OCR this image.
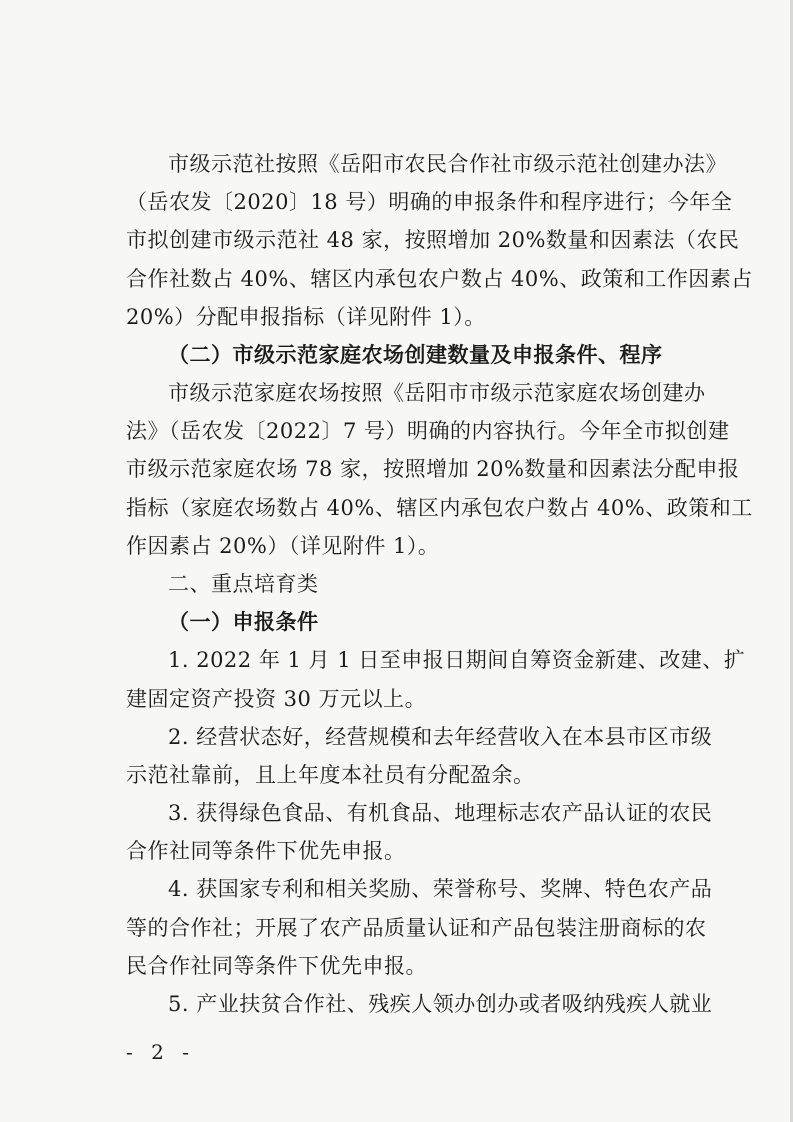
市级示范社按照《岳阳市农民合作社市级示范社创建办法》
（岳农发〔2020〕18 号）明确的申报条件和程序进行；今年全
市拟创建市级示范社 48 家，按照增加 20%数量和因素法（农民
合作社数占 40%、辖区内承包农户数占 40%、政策和工作因素占
20%）分配申报指标（详见附件 1）。
（二）市级示范家庭农场创建数量及申报条件、程序
市级示范家庭农场按照《岳阳市市级示范家庭农场创建办
法》（岳农发〔2022〕7 号）明确的内容执行。今年全市拟创建
市级示范家庭农场 78 家，按照增加 20%数量和因素法分配申报
指标（家庭农场数占 40%、辖区内承包农户数占 40%、政策和工
作因素占 20%）（详见附件 1）。
二、重点培育类
（一）申报条件
1. 2022 年 1 月 1 日至申报日期间自筹资金新建、改建、扩
建固定资产投资 30 万元以上。
2. 经营状态好，经营规模和去年经营收入在本县市区市级
示范社靠前，且上年度本社员有分配盈余。
3. 获得绿色食品、有机食品、地理标志农产品认证的农民
合作社同等条件下优先申报。
4. 获国家专利和相关奖励、荣誉称号、奖牌、特色农产品
等的合作社；开展了农产品质量认证和产品包装注册商标的农
- 2 -
民合作社同等条件下优先申报。
5. 产业扶贫合作社、残疾人领办创办或者吸纳残疾人就业
